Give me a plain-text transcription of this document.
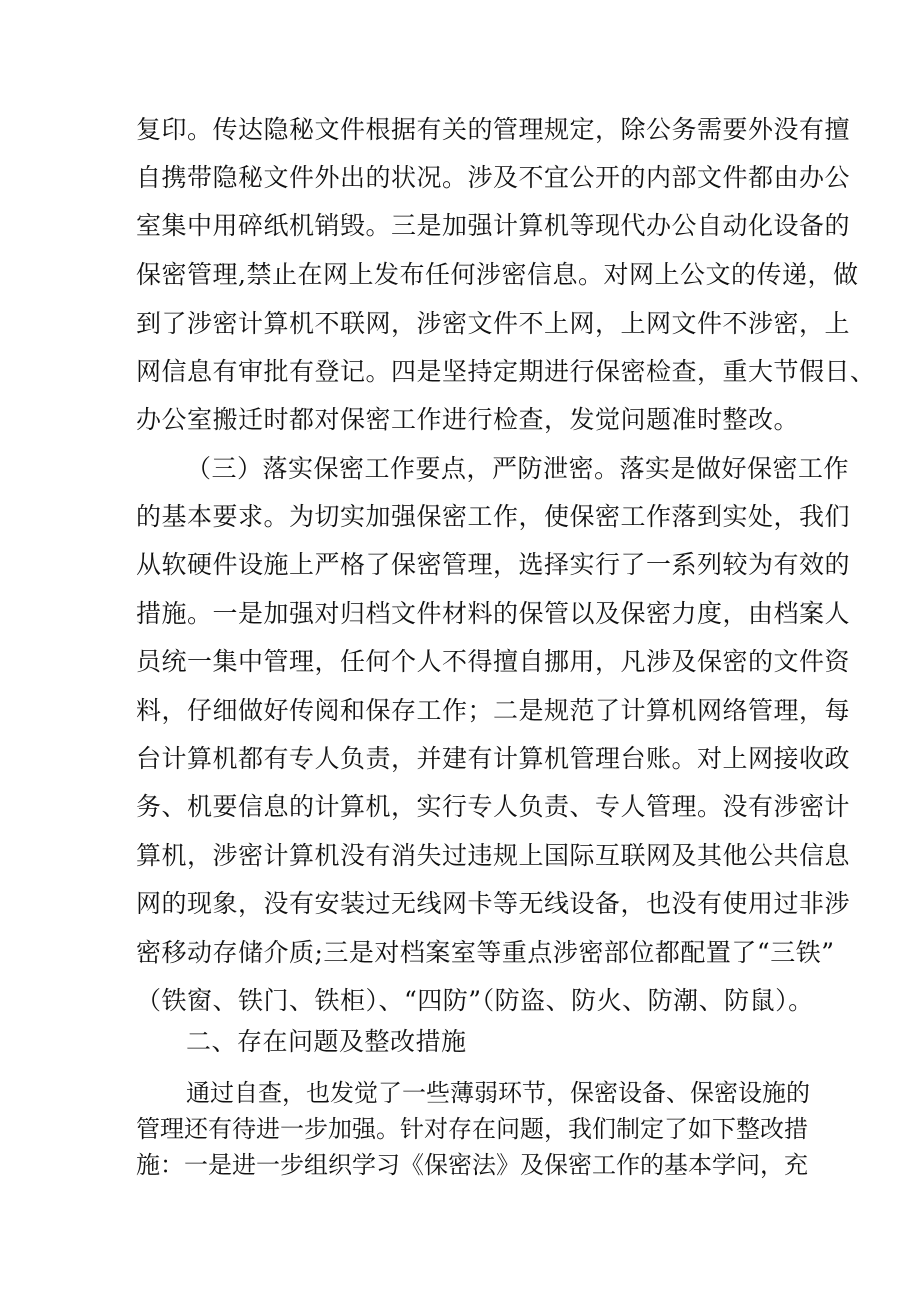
复印。传达隐秘文件根据有关的管理规定，除公务需要外没有擅
自携带隐秘文件外出的状况。涉及不宜公开的内部文件都由办公
室集中用碎纸机销毁。三是加强计算机等现代办公自动化设备的
保密管理,禁止在网上发布任何涉密信息。对网上公文的传递，做
到了涉密计算机不联网，涉密文件不上网，上网文件不涉密，上
网信息有审批有登记。四是坚持定期进行保密检查，重大节假日、
办公室搬迁时都对保密工作进行检查，发觉问题准时整改。
（三）落实保密工作要点，严防泄密。落实是做好保密工作
的基本要求。为切实加强保密工作，使保密工作落到实处，我们
从软硬件设施上严格了保密管理，选择实行了一系列较为有效的
措施。一是加强对归档文件材料的保管以及保密力度，由档案人
员统一集中管理，任何个人不得擅自挪用，凡涉及保密的文件资
料，仔细做好传阅和保存工作；二是规范了计算机网络管理，每
台计算机都有专人负责，并建有计算机管理台账。对上网接收政
务、机要信息的计算机，实行专人负责、专人管理。没有涉密计
算机，涉密计算机没有消失过违规上国际互联网及其他公共信息
网的现象，没有安装过无线网卡等无线设备，也没有使用过非涉
密移动存储介质;三是对档案室等重点涉密部位都配置了“三铁”
（铁窗、铁门、铁柜）、“四防”（防盗、防火、防潮、防鼠）。
二、存在问题及整改措施
通过自查，也发觉了一些薄弱环节，保密设备、保密设施的
管理还有待进一步加强。针对存在问题，我们制定了如下整改措
施：一是进一步组织学习《保密法》及保密工作的基本学问，充
